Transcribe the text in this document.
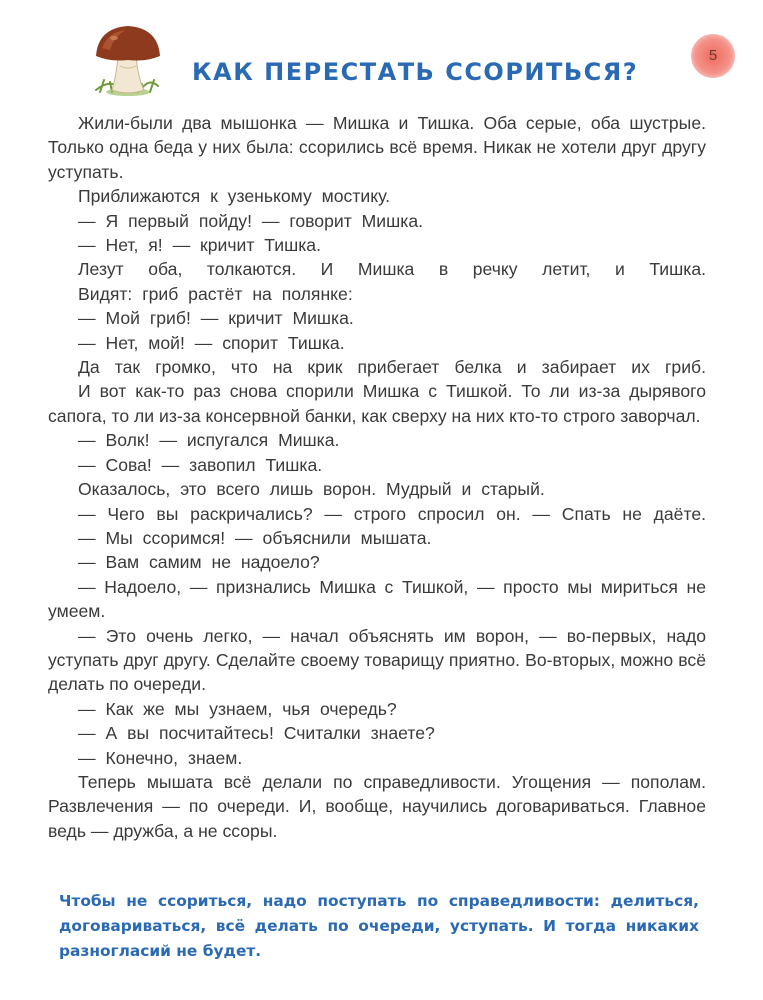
КАК ПЕРЕСТАТЬ ССОРИТЬСЯ?
5

Жили-были два мышонка — Мишка и Тишка. Оба серые, оба шустрые. Только одна беда у них была: ссорились всё время. Никак не хотели друг другу уступать.

Приближаются к узенькому мостику.

— Я первый пойду! — говорит Мишка.

— Нет, я! — кричит Тишка.

Лезут оба, толкаются. И Мишка в речку летит, и Тишка.

Видят: гриб растёт на полянке:

— Мой гриб! — кричит Мишка.

— Нет, мой! — спорит Тишка.

Да так громко, что на крик прибегает белка и забирает их гриб.

И вот как-то раз снова спорили Мишка с Тишкой. То ли из-за дырявого сапога, то ли из-за консервной банки, как сверху на них кто-то строго заворчал.

— Волк! — испугался Мишка.

— Сова! — завопил Тишка.

Оказалось, это всего лишь ворон. Мудрый и старый.

— Чего вы раскричались? — строго спросил он. — Спать не даёте.

— Мы ссоримся! — объяснили мышата.

— Вам самим не надоело?

— Надоело, — признались Мишка с Тишкой, — просто мы мириться не умеем.

— Это очень легко, — начал объяснять им ворон, — во-первых, надо уступать друг другу. Сделайте своему товарищу приятно. Во-вторых, можно всё делать по очереди.

— Как же мы узнаем, чья очередь?

— А вы посчитайтесь! Считалки знаете?

— Конечно, знаем.

Теперь мышата всё делали по справедливости. Угощения — пополам. Развлечения — по очереди. И, вообще, научились договариваться. Главное ведь — дружба, а не ссоры.

Чтобы не ссориться, надо поступать по справедливости: делиться, договариваться, всё делать по очереди, уступать. И тогда никаких разногласий не будет.
